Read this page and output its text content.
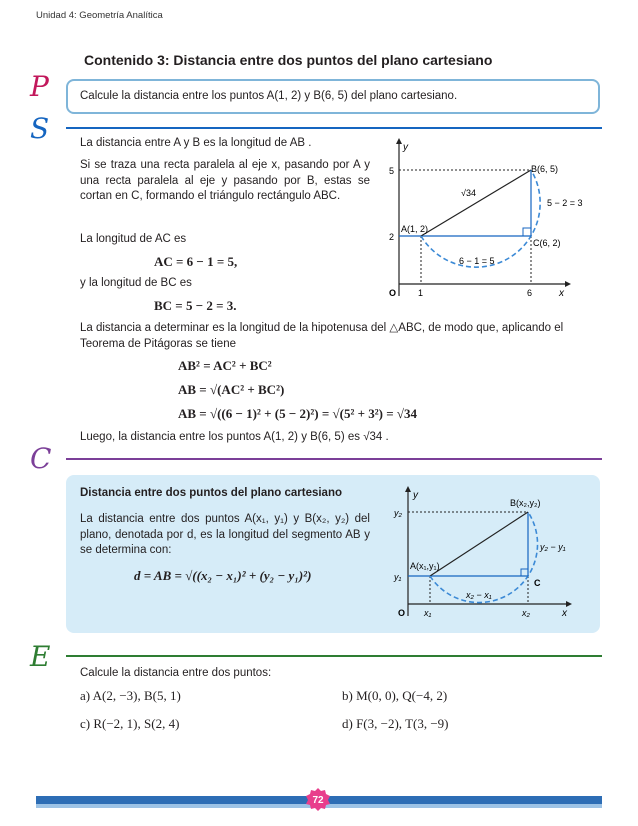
Unidad 4: Geometría Analítica
Contenido 3: Distancia entre dos puntos del plano cartesiano
P	Calcule la distancia entre los puntos A(1, 2) y B(6, 5) del plano cartesiano.
S	La distancia entre A y B es la longitud de AB .
Si se traza una recta paralela al eje x, pasando por A y una recta paralela al eje y pasando por B, estas se cortan en C, formando el triángulo rectángulo ABC.
La longitud de AC es
AC = 6 − 1 = 5,
y la longitud de BC es
BC = 5 − 2 = 3.
y
x
O 1	6
2
5
A(1, 2)
B(6, 5)
C(6, 2)
√34
6 − 1 = 5
5 − 2 = 3
La distancia a determinar es la longitud de la hipotenusa del △ABC, de modo que, aplicando el Teorema de Pitágoras se tiene
AB² = AC² + BC²
AB = √(AC² + BC²)
AB = √((6 − 1)² + (5 − 2)²) = √(5² + 3²) = √34
Luego, la distancia entre los puntos A(1, 2) y B(6, 5) es √34 .
C
Distancia entre dos puntos del plano cartesiano
La distancia entre dos puntos A(x₁, y₁) y B(x₂, y₂) del plano, denotada por d, es la longitud del segmento AB y se determina con:
d = AB = √((x₂ − x₁)² + (y₂ − y₁)²)
y
x
O x₁	x₂
y₁
y₂
A(x₁,y₁)
B(x₂,y₂)
C
x₂ − x₁
y₂ − y₁
E	Calcule la distancia entre dos puntos:
a) A(2, −3), B(5, 1)	b) M(0, 0), Q(−4, 2)
c) R(−2, 1), S(2, 4)	d) F(3, −2), T(3, −9)
72
